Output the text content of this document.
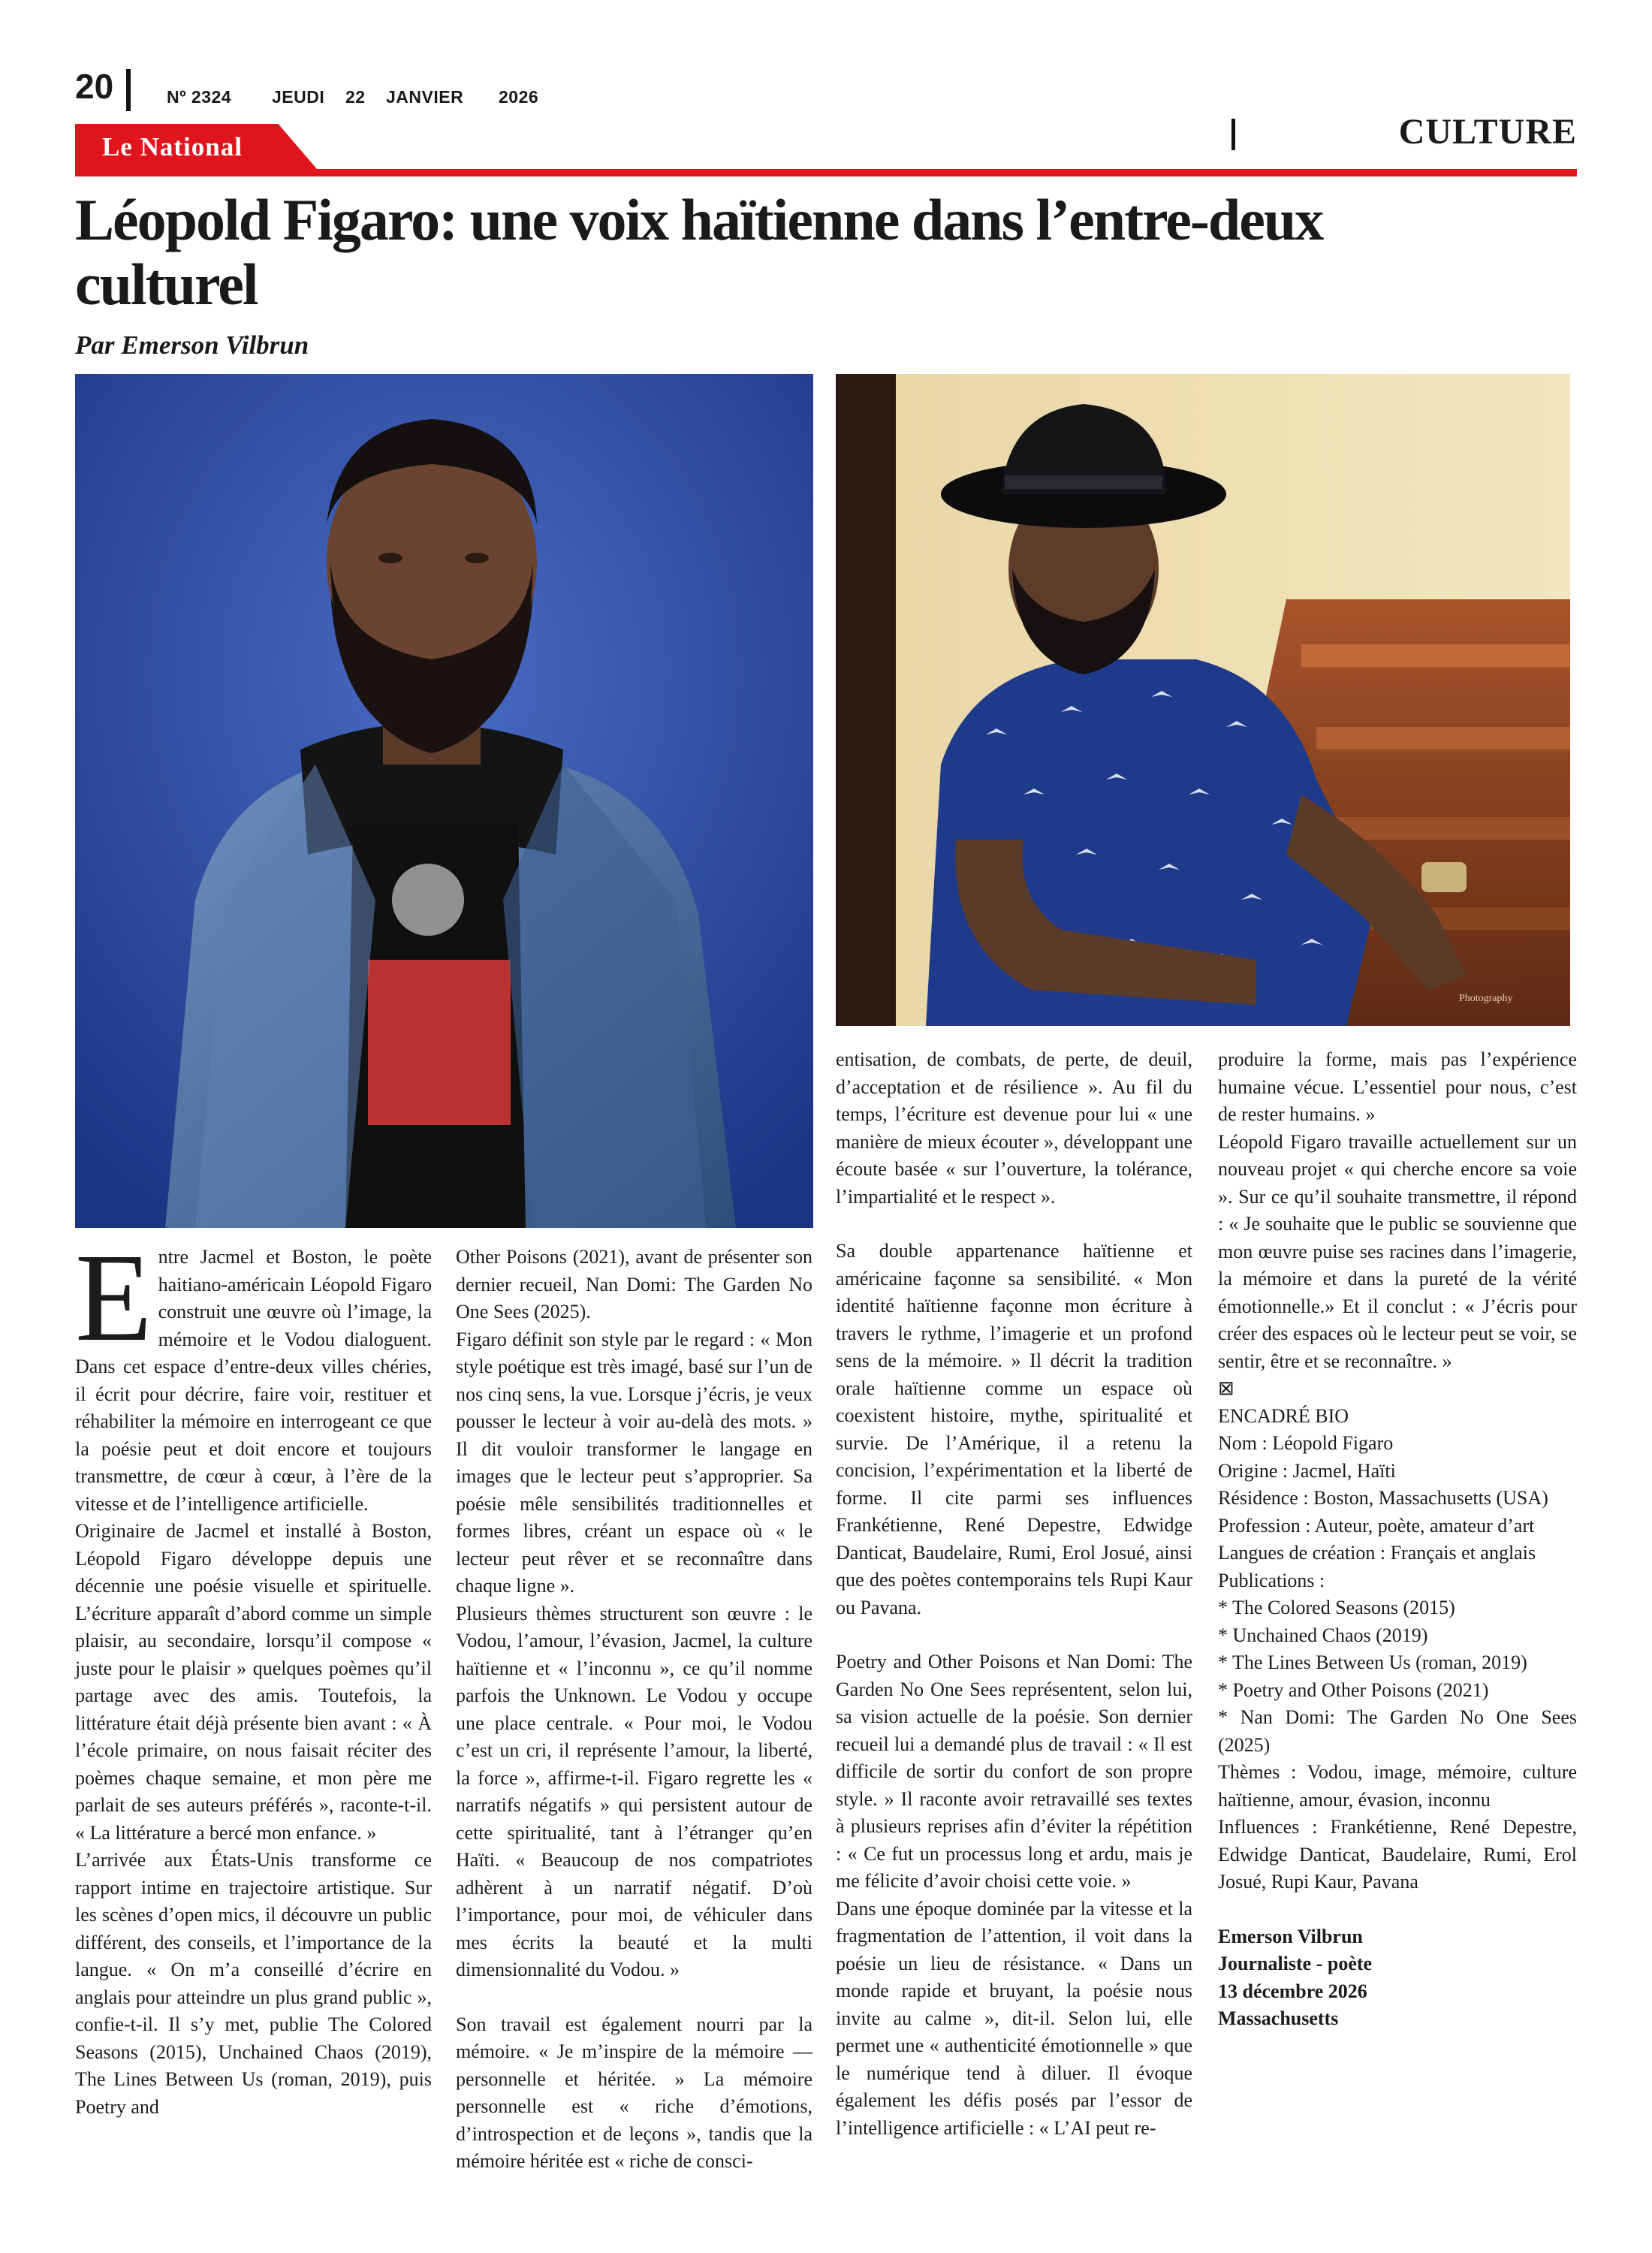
20	Nº 2324 JEUDI 22 JANVIER 2026
Le National	CULTURE
Léopold Figaro: une voix haïtienne dans l’entre-deux
culturel
Par Emerson Vilbrun
Photography

Entre Jacmel et Boston, le poète haitiano-américain Léopold Figaro construit une œuvre où l’image, la mémoire et le Vodou dialoguent. Dans cet espace d’entre-deux villes chéries, il écrit pour décrire, faire voir, restituer et réhabiliter la mémoire en interrogeant ce que la poésie peut et doit encore et toujours transmettre, de cœur à cœur, à l’ère de la vitesse et de l’intelligence artificielle.

Originaire de Jacmel et installé à Boston, Léopold Figaro développe depuis une décennie une poésie visuelle et spirituelle. L’écriture apparaît d’abord comme un simple plaisir, au secondaire, lorsqu’il compose « juste pour le plaisir » quelques poèmes qu’il partage avec des amis. Toutefois, la littérature était déjà présente bien avant : « À l’école primaire, on nous faisait réciter des poèmes chaque semaine, et mon père me parlait de ses auteurs préférés », raconte-t-il. « La littérature a bercé mon enfance. »

L’arrivée aux États-Unis transforme ce rapport intime en trajectoire artistique. Sur les scènes d’open mics, il découvre un public différent, des conseils, et l’importance de la langue. « On m’a conseillé d’écrire en anglais pour atteindre un plus grand public », confie-t-il. Il s’y met, publie The Colored Seasons (2015), Unchained Chaos (2019), The Lines Between Us (roman, 2019), puis Poetry and

Other Poisons (2021), avant de présenter son dernier recueil, Nan Domi: The Garden No One Sees (2025).

Figaro définit son style par le regard : « Mon style poétique est très imagé, basé sur l’un de nos cinq sens, la vue. Lorsque j’écris, je veux pousser le lecteur à voir au-delà des mots. » Il dit vouloir transformer le langage en images que le lecteur peut s’approprier. Sa poésie mêle sensibilités traditionnelles et formes libres, créant un espace où « le lecteur peut rêver et se reconnaître dans chaque ligne ».

Plusieurs thèmes structurent son œuvre : le Vodou, l’amour, l’évasion, Jacmel, la culture haïtienne et « l’inconnu », ce qu’il nomme parfois the Unknown. Le Vodou y occupe une place centrale. « Pour moi, le Vodou c’est un cri, il représente l’amour, la liberté, la force », affirme-t-il. Figaro regrette les « narratifs négatifs » qui persistent autour de cette spiritualité, tant à l’étranger qu’en Haïti. « Beaucoup de nos compatriotes adhèrent à un narratif négatif. D’où l’importance, pour moi, de véhiculer dans mes écrits la beauté et la multi dimensionnalité du Vodou. »

Son travail est également nourri par la mémoire. « Je m’inspire de la mémoire — personnelle et héritée. » La mémoire personnelle est « riche d’émotions, d’introspection et de leçons », tandis que la mémoire héritée est « riche de consci-

entisation, de combats, de perte, de deuil, d’acceptation et de résilience ». Au fil du temps, l’écriture est devenue pour lui « une manière de mieux écouter », développant une écoute basée « sur l’ouverture, la tolérance, l’impartialité et le respect ».

Sa double appartenance haïtienne et américaine façonne sa sensibilité. « Mon identité haïtienne façonne mon écriture à travers le rythme, l’imagerie et un profond sens de la mémoire. » Il décrit la tradition orale haïtienne comme un espace où coexistent histoire, mythe, spiritualité et survie. De l’Amérique, il a retenu la concision, l’expérimentation et la liberté de forme. Il cite parmi ses influences Frankétienne, René Depestre, Edwidge Danticat, Baudelaire, Rumi, Erol Josué, ainsi que des poètes contemporains tels Rupi Kaur ou Pavana.

Poetry and Other Poisons et Nan Domi: The Garden No One Sees représentent, selon lui, sa vision actuelle de la poésie. Son dernier recueil lui a demandé plus de travail : « Il est difficile de sortir du confort de son propre style. » Il raconte avoir retravaillé ses textes à plusieurs reprises afin d’éviter la répétition : « Ce fut un processus long et ardu, mais je me félicite d’avoir choisi cette voie. »

Dans une époque dominée par la vitesse et la fragmentation de l’attention, il voit dans la poésie un lieu de résistance. « Dans un monde rapide et bruyant, la poésie nous invite au calme », dit-il. Selon lui, elle permet une « authenticité émotionnelle » que le numérique tend à diluer. Il évoque également les défis posés par l’essor de l’intelligence artificielle : « L’AI peut re-

produire la forme, mais pas l’expérience humaine vécue. L’essentiel pour nous, c’est de rester humains. »

Léopold Figaro travaille actuellement sur un nouveau projet « qui cherche encore sa voie ». Sur ce qu’il souhaite transmettre, il répond : « Je souhaite que le public se souvienne que mon œuvre puise ses racines dans l’imagerie, la mémoire et dans la pureté de la vérité émotionnelle.» Et il conclut : « J’écris pour créer des espaces où le lecteur peut se voir, se sentir, être et se reconnaître. »

⊠

ENCADRÉ BIO

Nom : Léopold Figaro

Origine : Jacmel, Haïti

Résidence : Boston, Massachusetts (USA)

Profession : Auteur, poète, amateur d’art

Langues de création : Français et anglais

Publications :

* The Colored Seasons (2015)

* Unchained Chaos (2019)

* The Lines Between Us (roman, 2019)

* Poetry and Other Poisons (2021)

* Nan Domi: The Garden No One Sees (2025)

Thèmes : Vodou, image, mémoire, culture haïtienne, amour, évasion, inconnu

Influences : Frankétienne, René Depestre, Edwidge Danticat, Baudelaire, Rumi, Erol Josué, Rupi Kaur, Pavana

Emerson Vilbrun

Journaliste - poète

13 décembre 2026

Massachusetts
